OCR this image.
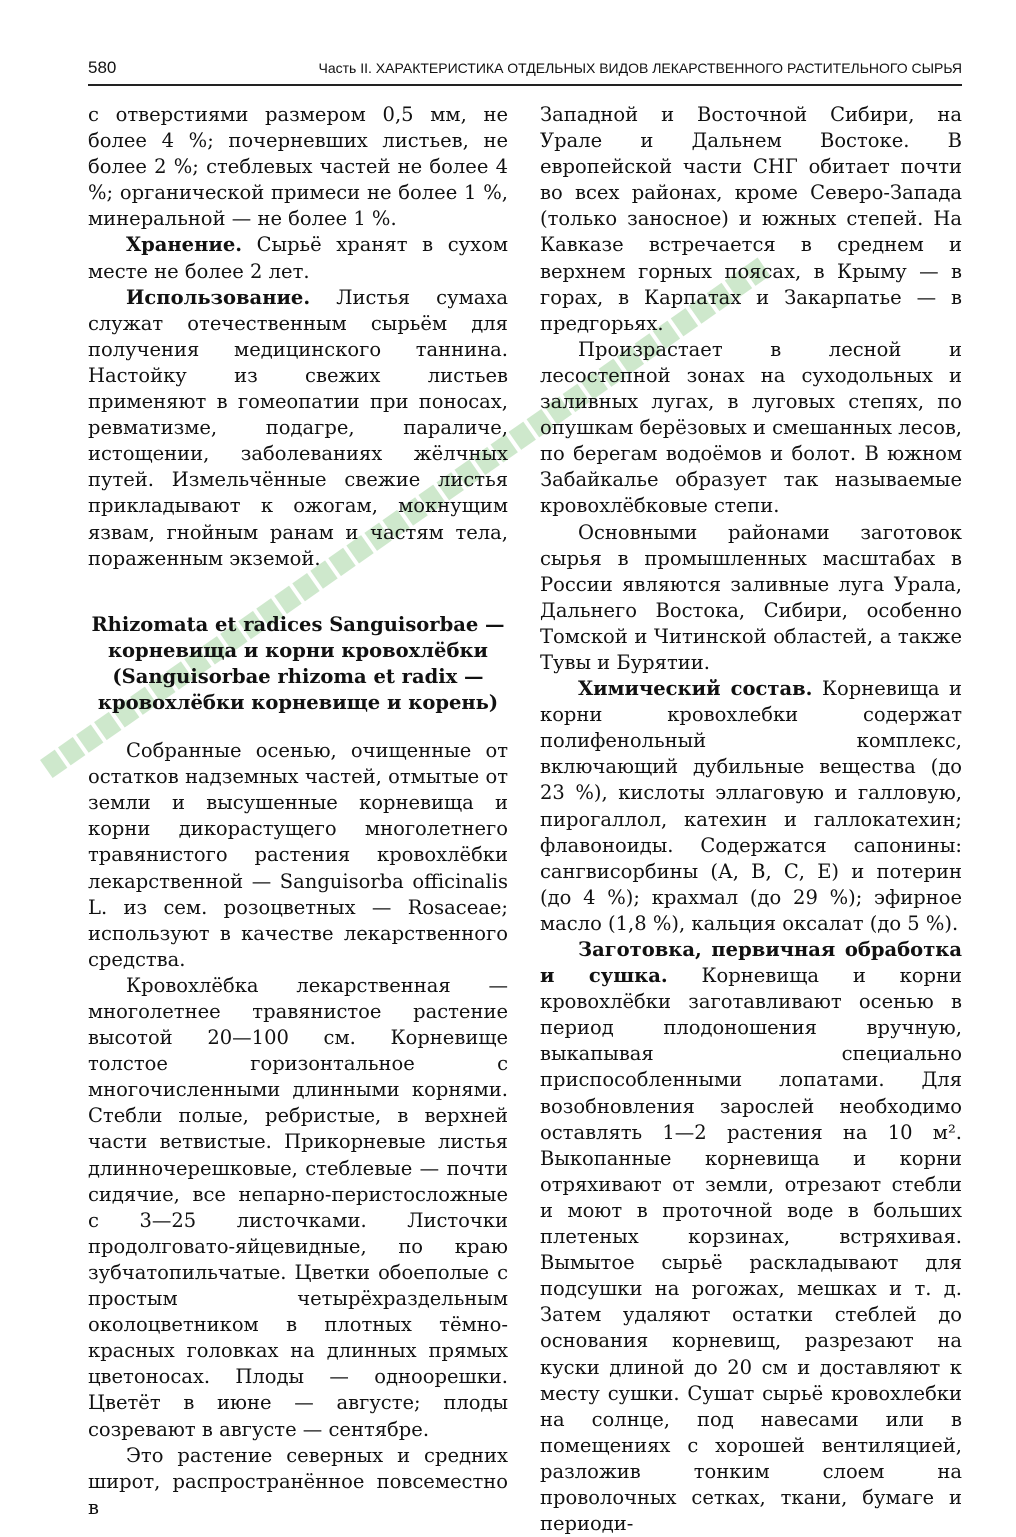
580	Часть II. ХАРАКТЕРИСТИКА ОТДЕЛЬНЫХ ВИДОВ ЛЕКАРСТВЕННОГО РАСТИТЕЛЬНОГО СЫРЬЯ

с отверстиями размером 0,5 мм, не более 4 %; почерневших листьев, не более 2 %; стеблевых частей не более 4 %; органической примеси не более 1 %, минеральной — не более 1 %.

Хранение. Сырьё хранят в сухом месте не более 2 лет.

Использование. Листья сумаха служат отечественным сырьём для получения медицинского таннина. Настойку из свежих листьев применяют в гомеопатии при поносах, ревматизме, подагре, параличе, истощении, заболеваниях жёлчных путей. Измельчённые свежие листья прикладывают к ожогам, мокнущим язвам, гнойным ранам и частям тела, пораженным экземой.

Rhizomata et radices Sanguisorbae — корневища и корни кровохлёбки
(Sanguisorbae rhizoma et radix — кровохлёбки корневище и корень)

Собранные осенью, очищенные от остатков надземных частей, отмытые от земли и высушенные корневища и корни дикорастущего многолетнего травянистого растения кровохлёбки лекарственной — Sanguisorba officinalis L. из сем. розоцветных — Rosaceae; используют в качестве лекарственного средства.

Кровохлёбка лекарственная — многолетнее травянистое растение высотой 20—100 см. Корневище толстое горизонтальное с многочисленными длинными корнями. Стебли полые, ребристые, в верхней части ветвистые. Прикорневые листья длинночерешковые, стеблевые — почти сидячие, все непарно-перистосложные с 3—25 листочками. Листочки продолговато-яйцевидные, по краю зубчатопильчатые. Цветки обоеполые с простым четырёхраздельным околоцветником в плотных тёмно-красных головках на длинных прямых цветоносах. Плоды — одноорешки. Цветёт в июне — августе; плоды созревают в августе — сентябре.

Это растение северных и средних широт, распространённое повсеместно в

Западной и Восточной Сибири, на Урале и Дальнем Востоке. В европейской части СНГ обитает почти во всех районах, кроме Северо-Запада (только заносное) и южных степей. На Кавказе встречается в среднем и верхнем горных поясах, в Крыму — в горах, в Карпатах и Закарпатье — в предгорьях.

Произрастает в лесной и лесостепной зонах на суходольных и заливных лугах, в луговых степях, по опушкам берёзовых и смешанных лесов, по берегам водоёмов и болот. В южном Забайкалье образует так называемые кровохлёбковые степи.

Основными районами заготовок сырья в промышленных масштабах в России являются заливные луга Урала, Дальнего Востока, Сибири, особенно Томской и Читинской областей, а также Тувы и Бурятии.

Химический состав. Корневища и корни кровохлебки содержат полифенольный комплекс, включающий дубильные вещества (до 23 %), кислоты эллаговую и галловую, пирогаллол, катехин и галлокатехин; флавоноиды. Содержатся сапонины: сангвисорбины (А, В, С, Е) и потерин (до 4 %); крахмал (до 29 %); эфирное масло (1,8 %), кальция оксалат (до 5 %).

Заготовка, первичная обработка и сушка. Корневища и корни кровохлёбки заготавливают осенью в период плодоношения вручную, выкапывая специально приспособленными лопатами. Для возобновления зарослей необходимо оставлять 1—2 растения на 10 м². Выкопанные корневища и корни отряхивают от земли, отрезают стебли и моют в проточной воде в больших плетеных корзинах, встряхивая. Вымытое сырьё раскладывают для подсушки на рогожах, мешках и т. д. Затем удаляют остатки стеблей до основания корневищ, разрезают на куски длиной до 20 см и доставляют к месту сушки. Сушат сырьё кровохлебки на солнце, под навесами или в помещениях с хорошей вентиляцией, разложив тонким слоем на проволочных сетках, ткани, бумаге и периоди-
